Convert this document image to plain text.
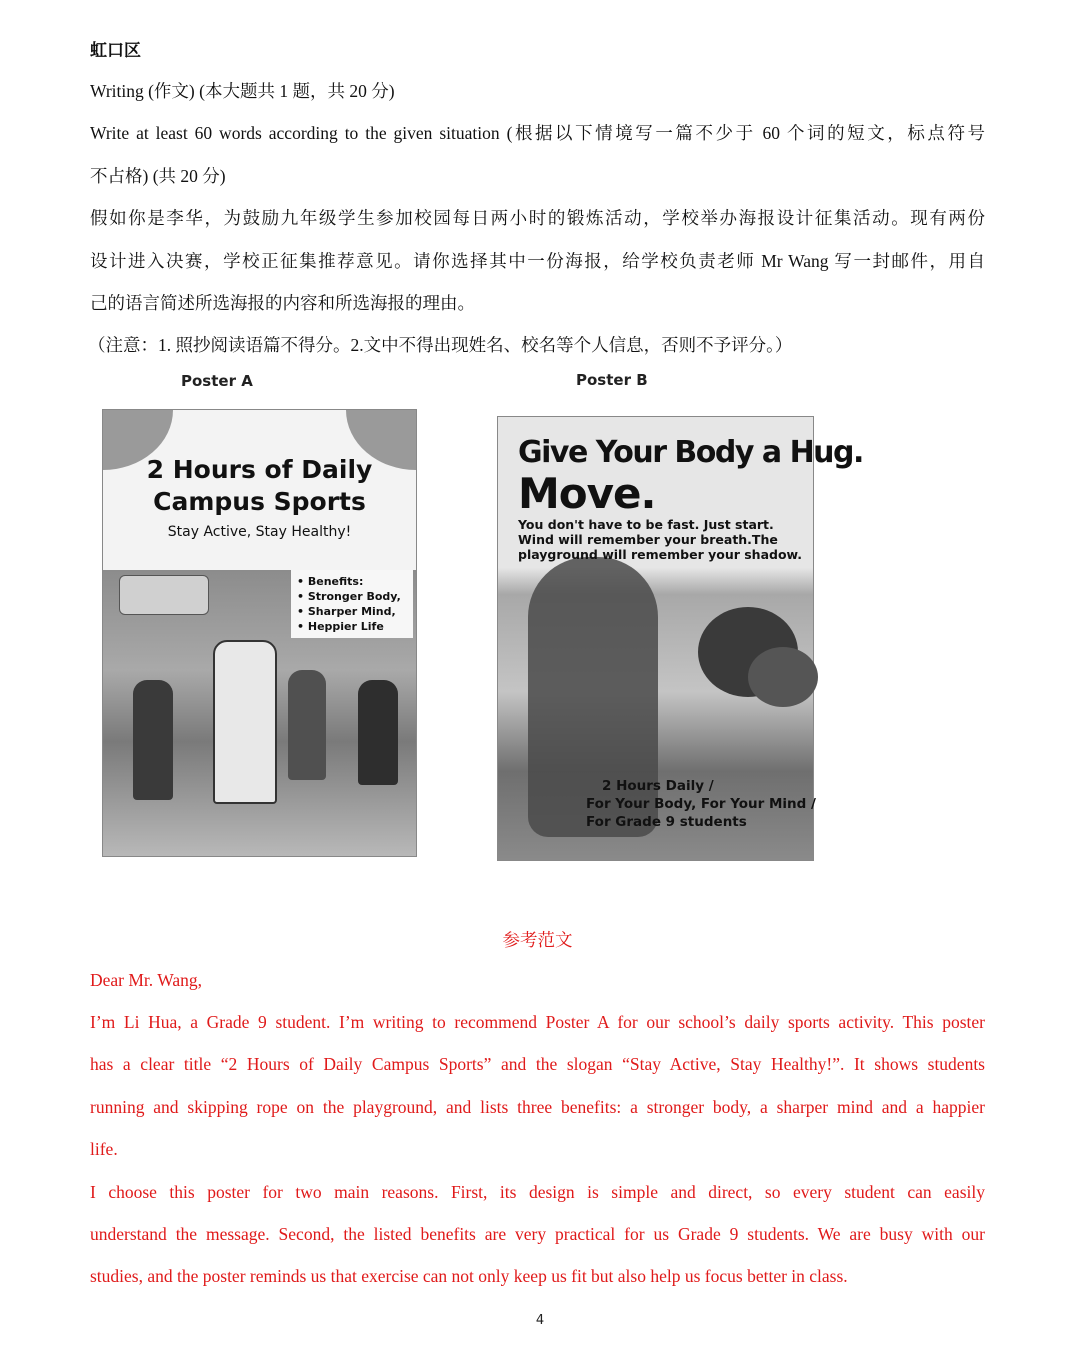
虹口区
Writing (作文) (本大题共 1 题，共 20 分)
Write at least 60 words according to the given situation (根据以下情境写一篇不少于 60 个词的短文，标点符号
不占格) (共 20 分)
假如你是李华，为鼓励九年级学生参加校园每日两小时的锻炼活动，学校举办海报设计征集活动。现有两份
设计进入决赛，学校正征集推荐意见。请你选择其中一份海报，给学校负责老师 Mr Wang 写一封邮件，用自
己的语言简述所选海报的内容和所选海报的理由。
（注意：1. 照抄阅读语篇不得分。2.文中不得出现姓名、校名等个人信息，否则不予评分。）
Poster A	Poster B
2 Hours of Daily
Campus Sports
Stay Active, Stay Healthy!
• Benefits:
• Stronger Body,
• Sharper Mind,
• Heppier Life
Give Your Body a Hug.
Move.
You don't have to be fast. Just start.
Wind will remember your breath.The
playground will remember your shadow.
2 Hours Daily /
For Your Body, For Your Mind /
For Grade 9 students
参考范文
Dear Mr. Wang,
I’m Li Hua, a Grade 9 student. I’m writing to recommend Poster A for our school’s daily sports activity. This poster
has a clear title “2 Hours of Daily Campus Sports” and the slogan “Stay Active, Stay Healthy!”. It shows students
running and skipping rope on the playground, and lists three benefits: a stronger body, a sharper mind and a happier
life.
I choose this poster for two main reasons. First, its design is simple and direct, so every student can easily
understand the message. Second, the listed benefits are very practical for us Grade 9 students. We are busy with our
studies, and the poster reminds us that exercise can not only keep us fit but also help us focus better in class.
4
